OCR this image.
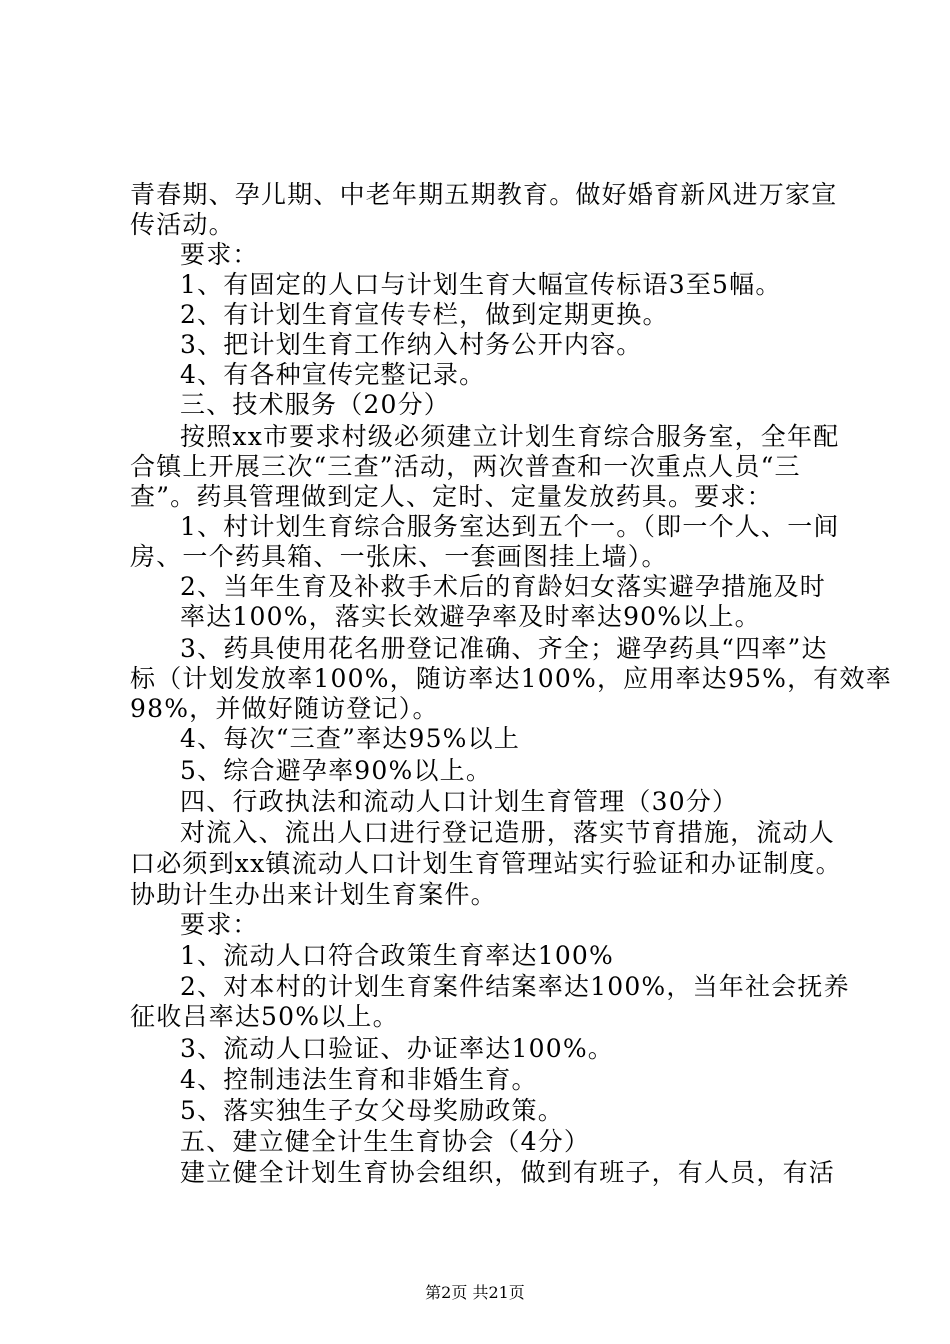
青春期、孕儿期、中老年期五期教育。做好婚育新风进万家宣
传活动。
要求：
1、有固定的人口与计划生育大幅宣传标语3至5幅。
2、有计划生育宣传专栏，做到定期更换。
3、把计划生育工作纳入村务公开内容。
4、有各种宣传完整记录。
三、技术服务（20分）
按照xx市要求村级必须建立计划生育综合服务室，全年配
合镇上开展三次“三查”活动，两次普查和一次重点人员“三
查”。药具管理做到定人、定时、定量发放药具。要求：
1、村计划生育综合服务室达到五个一。（即一个人、一间
房、一个药具箱、一张床、一套画图挂上墙）。
2、当年生育及补救手术后的育龄妇女落实避孕措施及时
率达100%，落实长效避孕率及时率达90%以上。
3、药具使用花名册登记准确、齐全；避孕药具“四率”达
标（计划发放率100%，随访率达100%，应用率达95%，有效率
98%，并做好随访登记）。
4、每次“三查”率达95%以上
5、综合避孕率90%以上。
四、行政执法和流动人口计划生育管理（30分）
对流入、流出人口进行登记造册，落实节育措施，流动人
口必须到xx镇流动人口计划生育管理站实行验证和办证制度。
协助计生办出来计划生育案件。
要求：
1、流动人口符合政策生育率达100%
2、对本村的计划生育案件结案率达100%，当年社会抚养
征收吕率达50%以上。
3、流动人口验证、办证率达100%。
4、控制违法生育和非婚生育。
5、落实独生子女父母奖励政策。
五、建立健全计生生育协会（4分）
建立健全计划生育协会组织，做到有班子，有人员，有活
第2页 共21页
